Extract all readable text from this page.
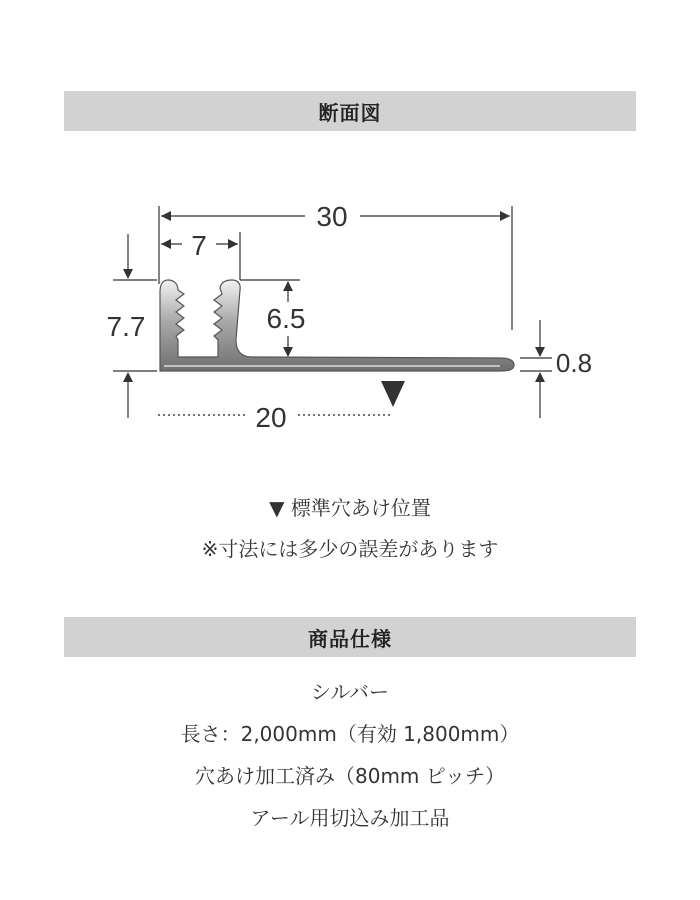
断面図
30
7
7.7	6.5
0.8
20
▼ 標準穴あけ位置
※寸法には多少の誤差があります
商品仕様
シルバー
長さ：2,000mm（有効 1,800mm）
穴あけ加工済み（80mm ピッチ）
アール用切込み加工品
